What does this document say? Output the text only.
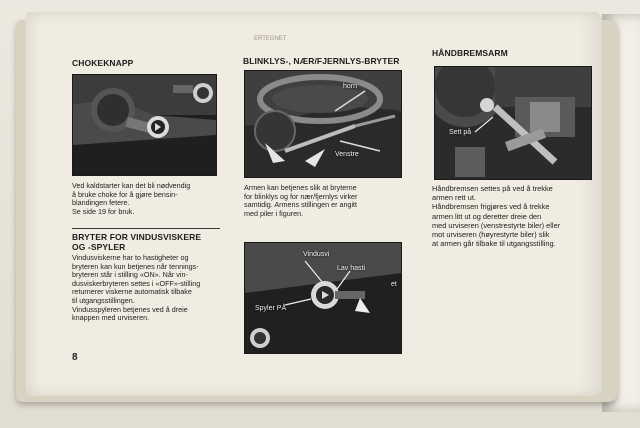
CHOKEKNAPP

Ved kaldstarter kan det bli nødvendig

å bruke choke for å gjøre bensin-

blandingen fetere.

Se side 19 for bruk.

BRYTER FOR VINDUSVISKERE
OG -SPYLER

Vindusviskerne har to hastigheter og

bryteren kan kun betjenes når tennings-

bryteren står i stilling «ON». Når vin-

dusviskerbryteren settes i «OFF»-stilling

returnerer viskerne automatisk tilbake

til utgangsstillingen.

Vindusspyleren betjenes ved å dreie

knappen med urviseren.

8
BLINKLYS-, NÆR/FJERNLYS-BRYTER
horn
Venstre

Armen kan betjenes slik at bryterne

for blinklys og for nær/fjernlys virker

samtidig. Armens stillingen er angitt

med piler i figuren.

Vindusvi
Lav hasti
Spyler PÅ
et
HÅNDBREMSARM
Sett på

Håndbremsen settes på ved å trekke

armen rett ut.

Håndbremsen frigjøres ved å trekke

armen litt ut og deretter dreie den

med urviseren (venstrestyrte biler) eller

mot urviseren (høyrestyrte biler) slik

at armen går tilbake til utgangsstilling.

ERTEGNET
